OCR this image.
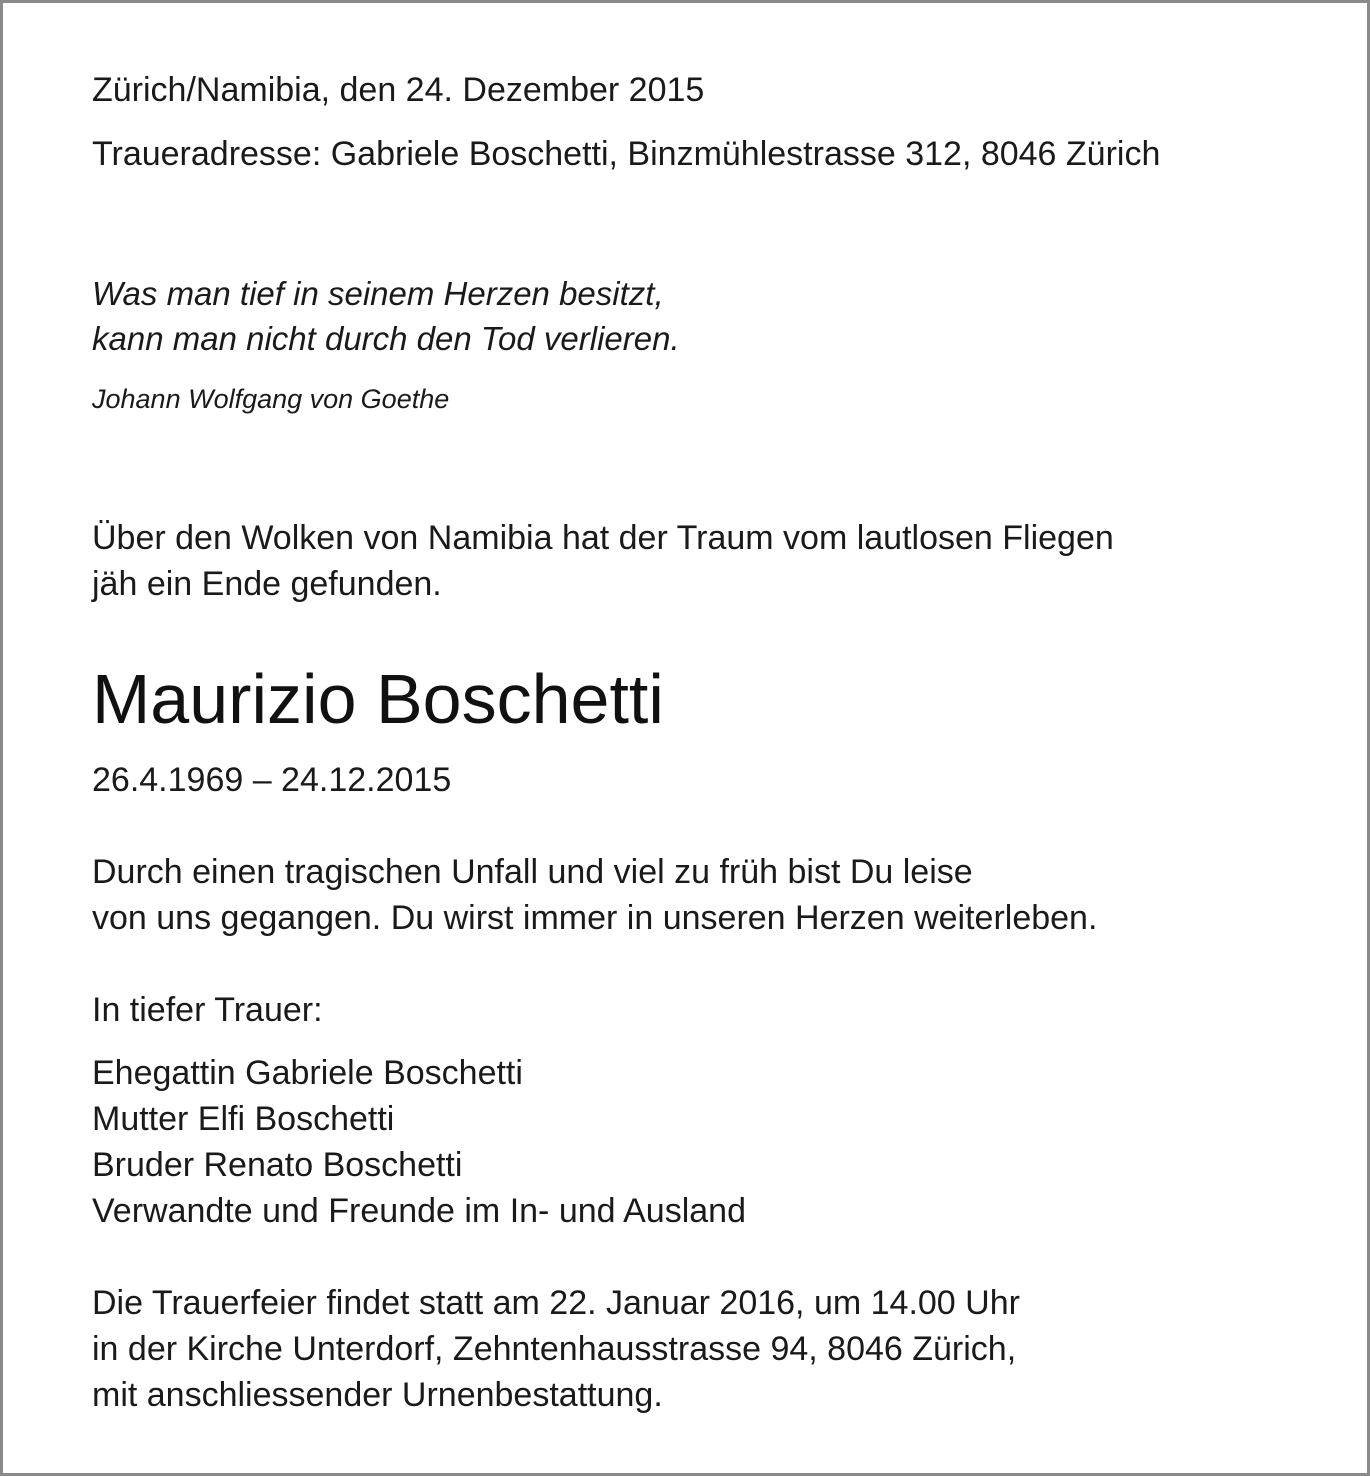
Zürich/Namibia, den 24. Dezember 2015

Traueradresse: Gabriele Boschetti, Binzmühlestrasse 312, 8046 Zürich

Was man tief in seinem Herzen besitzt,
kann man nicht durch den Tod verlieren.

Johann Wolfgang von Goethe

Über den Wolken von Namibia hat der Traum vom lautlosen Fliegen
jäh ein Ende gefunden.
Maurizio Boschetti

26.4.1969 – 24.12.2015

Durch einen tragischen Unfall und viel zu früh bist Du leise
von uns gegangen. Du wirst immer in unseren Herzen weiterleben.

In tiefer Trauer:

Ehegattin Gabriele Boschetti
Mutter Elfi Boschetti
Bruder Renato Boschetti
Verwandte und Freunde im In- und Ausland
Die Trauerfeier findet statt am 22. Januar 2016, um 14.00 Uhr
in der Kirche Unterdorf, Zehntenhausstrasse 94, 8046 Zürich,
mit anschliessender Urnenbestattung.
